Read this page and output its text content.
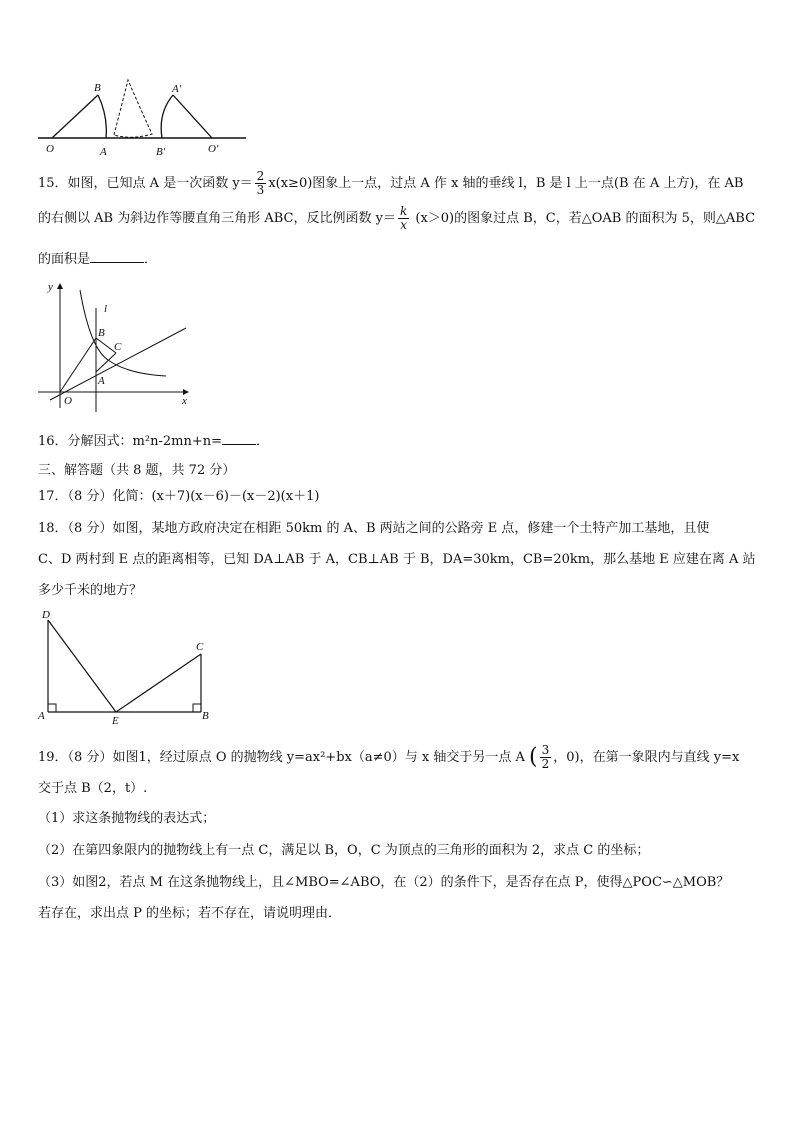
B	A′
O	A	B′	O′
15．如图，已知点 A 是一次函数 $y= \frac{2}{3} x(x\ge 0)$图象上一点，过点 A 作 x 轴的垂线 l，B 是 l 上一点(B 在 A 上方)，在 AB
的右侧以 AB 为斜边作等腰直角三角形 ABC，反比例函数 $y= \frac{k}{x} (x>0)$的图象过点 B，C，若△OAB 的面积为 5，则△ABC
的面积是	．
y
l
B
C
A
O	x
16．分解因式：m²n-2mn+n=	．
三、解答题（共 8 题，共 72 分）
17．（8 分）化简：(x＋7)(x－6)－(x－2)(x＋1)
18．（8 分）如图，某地方政府决定在相距 50km 的 A、B 两站之间的公路旁 E 点，修建一个土特产加工基地，且使
C、D 两村到 E 点的距离相等，已知 DA⊥AB 于 A，CB⊥AB 于 B，DA=30km，CB=20km，那么基地 E 应建在离 A 站
多少千米的地方？
D
C
A	E	B
19．（8 分）如图1，经过原点 O 的抛物线 y=ax²+bx（a≠0）与 x 轴交于另一点 A ( $\frac{3}{2}$ ，0)，在第一象限内与直线 y=x
交于点 B（2，t）.
（1）求这条抛物线的表达式；
（2）在第四象限内的抛物线上有一点 C，满足以 B，O，C 为顶点的三角形的面积为 2，求点 C 的坐标；
（3）如图2，若点 M 在这条抛物线上，且∠MBO=∠ABO，在（2）的条件下，是否存在点 P，使得△POC∽△MOB？
若存在，求出点 P 的坐标；若不存在，请说明理由．
